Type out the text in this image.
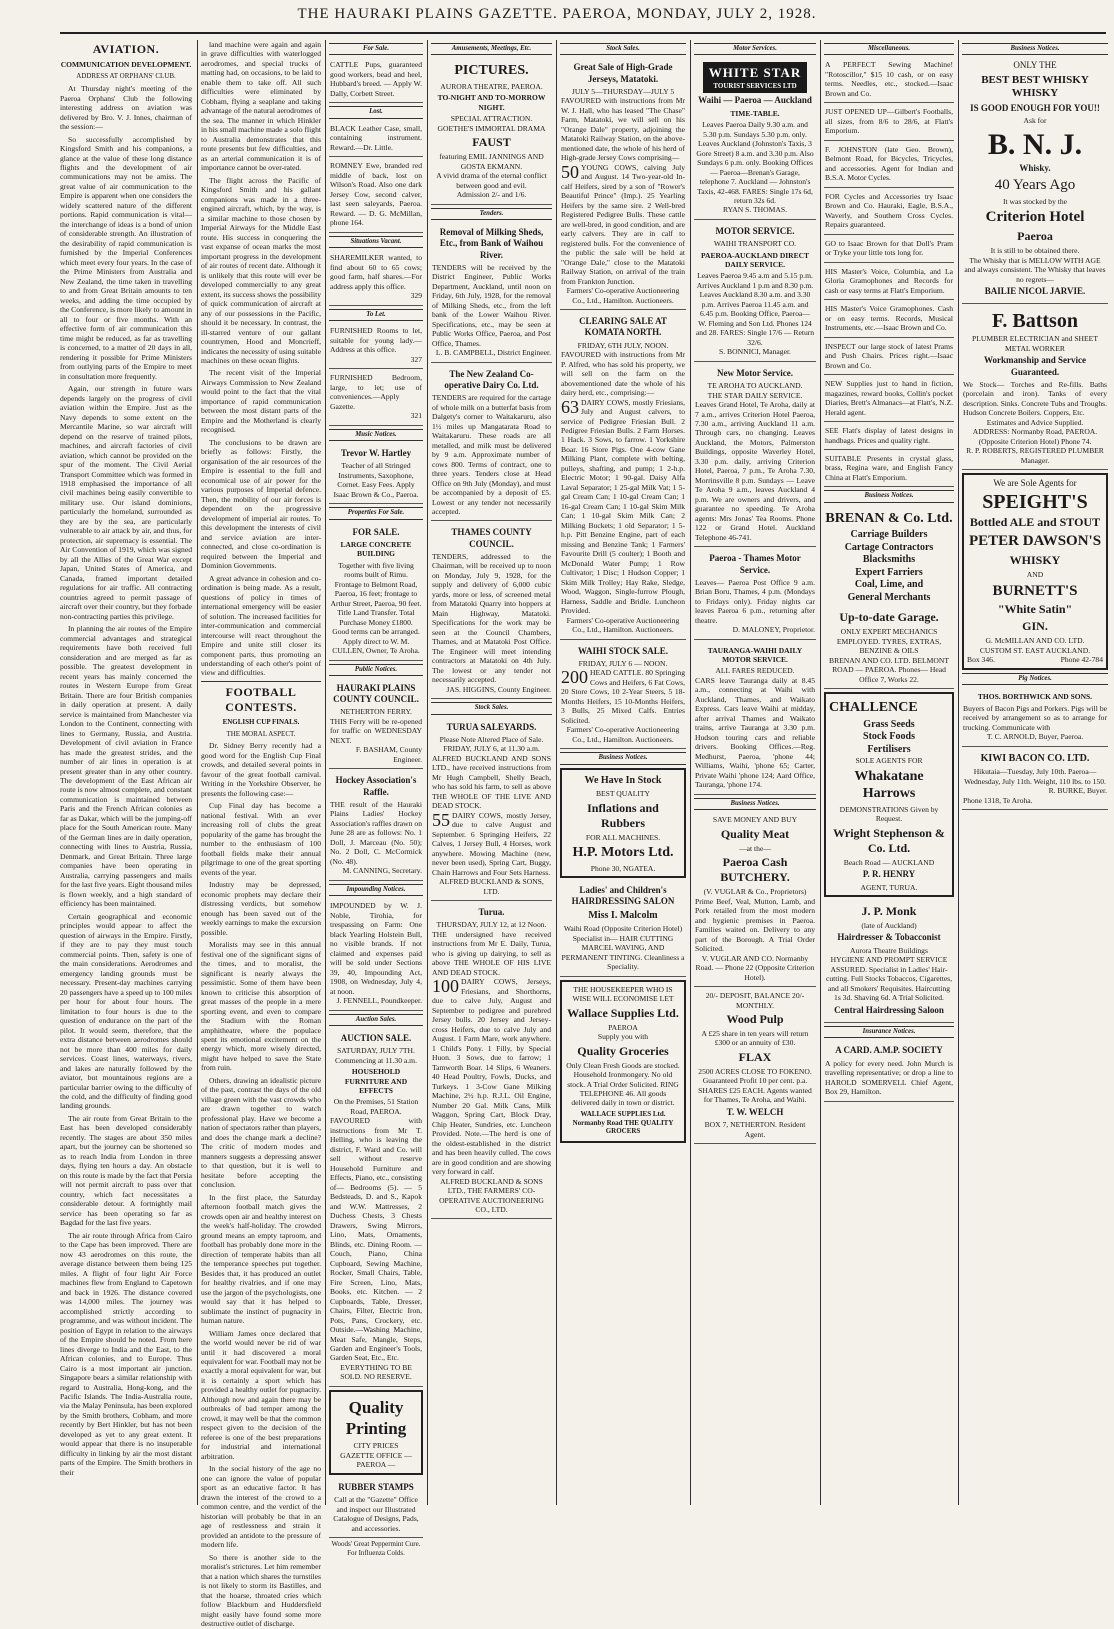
THE HAURAKI PLAINS GAZETTE. PAEROA, MONDAY, JULY 2, 1928.
AVIATION.
COMMUNICATION DEVELOPMENT.
ADDRESS AT ORPHANS' CLUB.

At Thursday night's meeting of the Paeroa Orphans' Club the following interesting address on aviation was delivered by Bro. V. J. Innes, chairman of the session:—

So successfully accomplished by Kingsford Smith and his companions, a glance at the value of these long distance flights and the development of air communications may not be amiss. The great value of air communication to the Empire is apparent when one considers the widely scattered nature of the different portions. Rapid communication is vital—the interchange of ideas is a bond of union of considerable strength. An illustration of the desirability of rapid communication is furnished by the Imperial Conferences which meet every four years. In the case of the Prime Ministers from Australia and New Zealand, the time taken in travelling to and from Great Britain amounts to ten weeks, and adding the time occupied by the Conference, is more likely to amount in all to four or five months. With an effective form of air communication this time might be reduced, as far as travelling is concerned, to a matter of 20 days in all, rendering it possible for Prime Ministers from outlying parts of the Empire to meet in consultation more frequently.

Again, our strength in future wars depends largely on the progress of civil aviation within the Empire. Just as the Navy depends to some extent on the Mercantile Marine, so war aircraft will depend on the reserve of trained pilots, machines, and aircraft factories of civil aviation, which cannot be provided on the spur of the moment. The Civil Aerial Transport Committee which was formed in 1918 emphasised the importance of all civil machines being easily convertible to military use. Our island dominions, particularly the homeland, surrounded as they are by the sea, are particularly vulnerable to air attack by air, and thus, for protection, air supremacy is essential. The Air Convention of 1919, which was signed by all the Allies of the Great War except Japan, United States of America, and Canada, framed important detailed regulations for air traffic. All contracting countries agreed to permit passage of aircraft over their country, but they forbade non-contracting parties this privilege.

In planning the air routes of the Empire commercial advantages and strategical requirements have both received full consideration and are merged as far as possible. The greatest development in recent years has mainly concerned the routes in Western Europe from Great Britain. There are four British companies in daily operation at present. A daily service is maintained from Manchester via London to the Continent, connecting with lines to Germany, Russia, and Austria. Development of civil aviation in France has made the greatest strides, and the number of air lines in operation is at present greater than in any other country. The development of the East African air route is now almost complete, and constant communication is maintained between Paris and the French African colonies as far as Dakar, which will be the jumping-off place for the South American route. Many of the German lines are in daily operation, connecting with lines to Austria, Russia, Denmark, and Great Britain. Three large companies have been operating in Australia, carrying passengers and mails for the last five years. Eight thousand miles is flown weekly, and a high standard of efficiency has been maintained.

Certain geographical and economic principles would appear to affect the question of airways in the Empire. Firstly, if they are to pay they must touch commercial points. Then, safety is one of the main considerations. Aerodromes and emergency landing grounds must be necessary. Present-day machines carrying 20 passengers have a speed up to 100 miles per hour for about four hours. The limitation to four hours is due to the question of endurance on the part of the pilot. It would seem, therefore, that the extra distance between aerodromes should not be more than 400 miles for daily services. Coast lines, waterways, rivers, and lakes are naturally followed by the aviator, but mountainous regions are a particular barrier owing to the difficulty of the cold, and the difficulty of finding good landing grounds.

The air route from Great Britain to the East has been developed considerably recently. The stages are about 350 miles apart, but the journey can be shortened so as to reach India from London in three days, flying ten hours a day. An obstacle on this route is made by the fact that Persia will not permit aircraft to pass over that country, which fact necessitates a considerable detour. A fortnightly mail service has been operating so far as Bagdad for the last five years.

The air route through Africa from Cairo to the Cape has been improved. There are now 43 aerodromes on this route, the average distance between them being 125 miles. A flight of four light Air Force machines flew from England to Capetown and back in 1926. The distance covered was 14,000 miles. The journey was accomplished strictly according to programme, and was without incident. The position of Egypt in relation to the airways of the Empire should be noted. From here lines diverge to India and the East, to the African colonies, and to Europe. Thus Cairo is a most important air junction. Singapore bears a similar relationship with regard to Australia, Hong-kong, and the Pacific Islands. The India-Australia route, via the Malay Peninsula, has been explored by the Smith brothers, Cobham, and more recently by Bert Hinkler, but has not been developed as yet to any great extent. It would appear that there is no insuperable difficulty in linking by air the most distant parts of the Empire. The Smith brothers in their

land machine were again and again in grave difficulties with waterlogged aerodromes, and special trucks of matting had, on occasions, to be laid to enable them to take off. All such difficulties were eliminated by Cobham, flying a seaplane and taking advantage of the natural aerodromes of the sea. The manner in which Hinkler in his small machine made a solo flight to Australia demonstrates that this route presents but few difficulties, and as an arterial communication it is of importance cannot be over-rated.

The flight across the Pacific of Kingsford Smith and his gallant companions was made in a three-engined aircraft, which, by the way, is a similar machine to those chosen by Imperial Airways for the Middle East route. His success in conquering the vast expanse of ocean marks the most important progress in the development of air routes of recent date. Although it is unlikely that this route will ever be developed commercially to any great extent, its success shows the possibility of quick communication of aircraft at any of our possessions in the Pacific, should it be necessary. In contrast, the ill-starred venture of our gallant countrymen, Hood and Moncrieff, indicates the necessity of using suitable machines on these ocean flights.

The recent visit of the Imperial Airways Commission to New Zealand would point to the fact that the vital importance of rapid communication between the most distant parts of the Empire and the Motherland is clearly recognised.

The conclusions to be drawn are briefly as follows: Firstly, the organisation of the air resources of the Empire is essential to the full and economical use of air power for the various purposes of Imperial defence. Then, the mobility of our air forces is dependent on the progressive development of imperial air routes. To this development the interests of civil and service aviation are inter-connected, and close co-ordination is required between the Imperial and Dominion Governments.

A great advance in cohesion and co-ordination is being made. As a result, questions of policy in times of international emergency will be easier of solution. The increased facilities for inter-communication and commercial intercourse will react throughout the Empire and unite still closer its component parts, thus promoting an understanding of each other's point of view and difficulties.

FOOTBALL CONTESTS.
ENGLISH CUP FINALS.
THE MORAL ASPECT.

Dr. Sidney Berry recently had a good word for the English Cup Final crowds, and detailed several points in favour of the great football carnival. Writing in the Yorkshire Observer, he presents the following case:—

Cup Final day has become a national festival. With an ever increasing roll of clubs the great popularity of the game has brought the number to the enthusiasm of 100 football fields make their annual pilgrimage to one of the great sporting events of the year.

Industry may be depressed, economic prophets may declare their distressing verdicts, but somehow enough has been saved out of the weekly earnings to make the excursion possible.

Moralists may see in this annual festival one of the significant signs of the times, and to moralist, the significant is nearly always the pessimistic. Some of them have been known to criticise this absorption of great masses of the people in a mere sporting event, and even to compare the Stadium with the Roman amphitheatre, where the populace spent its emotional excitement on the energy which, more wisely directed, might have helped to save the State from ruin.

Others, drawing an idealistic picture of the past, contrast the days of the old village green with the vast crowds who are drawn together to watch professional play. Have we become a nation of spectators rather than players, and does the change mark a decline? The critic of modern modes and manners suggests a depressing answer to that question, but it is well to hesitate before accepting the conclusion.

In the first place, the Saturday afternoon football match gives the crowds open air and healthy interest on the week's half-holiday. The crowded ground means an empty taproom, and football has probably done more in the direction of temperate habits than all the temperance speeches put together. Besides that, it has produced an outlet for healthy rivalries, and if one may use the jargon of the psychologists, one would say that it has helped to sublimate the instinct of pugnacity in human nature.

William James once declared that the world would never be rid of war until it had discovered a moral equivalent for war. Football may not be exactly a moral equivalent for war, but it is certainly a sport which has provided a healthy outlet for pugnacity. Although now and again there may be outbreaks of bad temper among the crowd, it may well be that the common respect given to the decision of the referee is one of the best preparations for industrial and international arbitration.

In the social history of the age no one can ignore the value of popular sport as an educative factor. It has drawn the interest of the crowd to a common centre, and the verdict of the historian will probably be that in an age of restlessness and strain it provided an antidote to the pressure of modern life.

So there is another side to the moralist's strictures. Let him remember that a nation which shares the turnstiles is not likely to storm its Bastilles, and that the hoarse, throated cries which follow Blackburn and Huddersfield might easily have found some more destructive outlet of discharge.

For Sale.
CATTLE Pups, guaranteed good workers, bead and heel, Hubbard's breed. — Apply W. Dally, Corbett Street.
Lost.
BLACK Leather Case, small, containing instrument. Reward.—Dr. Little.
ROMNEY Ewe, branded red middle of back, lost on Wilson's Road. Also one dark Jersey Cow, second calver, last seen saleyards, Paeroa. Reward. — D. G. McMillan, phone 164.
Situations Vacant.
SHAREMILKER wanted, to find about 60 to 65 cows; good farm, half shares.—For address apply this office.
329
To Let.
FURNISHED Rooms to let, suitable for young lady.—Address at this office.
327
FURNISHED Bedroom, large, to let; use of conveniences.—Apply Gazette.
321
Music Notices.
Trevor W. Hartley
Teacher of all Stringed Instruments, Saxophone, Cornet. Easy Fees. Apply Isaac Brown & Co., Paeroa.
Properties For Sale.
FOR SALE.
LARGE CONCRETE BUILDING
Together with five living rooms built of Rimu. Frontage to Belmont Road, Paeroa, 16 feet; frontage to Arthur Street, Paeroa, 90 feet. Title Land Transfer. Total Purchase Money £1800. Good terms can be arranged. Apply direct to W. M. CULLEN, Owner, Te Aroha.
Public Notices.
HAURAKI PLAINS COUNTY COUNCIL.
NETHERTON FERRY.
THIS Ferry will be re-opened for traffic on WEDNESDAY NEXT.
F. BASHAM, County Engineer.
Hockey Association's Raffle.
THE result of the Hauraki Plains Ladies' Hockey Association's raffles drawn on June 28 are as follows: No. 1 Doll, J. Marceau (No. 50); No. 2 Doll, C. McCormick (No. 48).
M. CANNING, Secretary.
Impounding Notices.
IMPOUNDED by W. J. Noble, Tirohia, for trespassing on Farm: One black Yearling Holstein Bull, no visible brands. If not claimed and expenses paid will be sold under Sections 39, 40, Impounding Act, 1908, on Wednesday, July 4, at noon.
J. FENNELL, Poundkeeper.
Auction Sales.
AUCTION SALE.
SATURDAY, JULY 7TH. Commencing at 11.30 a.m.
HOUSEHOLD FURNITURE AND EFFECTS
On the Premises, 51 Station Road, PAEROA.
FAVOURED with instructions from Mr T. Helling, who is leaving the district, F. Ward and Co. will sell without reserve Household Furniture and Effects, Piano, etc., consisting of— Bedrooms (5). — 5 Bedsteads, D. and S., Kapok and W.W. Mattresses, 2 Duchess Chests, 3 Chests Drawers, Swing Mirrors, Lino, Mats, Ornaments, Blinds, etc. Dining Room. — Couch, Piano, China Cupboard, Sewing Machine, Rocker, Small Chairs, Table, Fire Screen, Lino, Mats, Books, etc. Kitchen. — 2 Cupboards, Table, Dresser, Chairs, Filter, Electric Iron, Pots, Pans, Crockery, etc. Outside.—Washing Machine, Meat Safe, Mangle, Steps, Garden and Engineer's Tools, Garden Seat, Etc., Etc.
EVERYTHING TO BE SOLD. NO RESERVE.
Quality Printing
CITY PRICES
GAZETTE OFFICE — PAEROA —
RUBBER STAMPS
Call at the "Gazette" Office and inspect our Illustrated Catalogue of Designs, Pads, and accessories.
Woods' Great Peppermint Cure.
For Influenza Colds.
Amusements, Meetings, Etc.
PICTURES.
AURORA THEATRE, PAEROA.
TO-NIGHT AND TO-MORROW NIGHT.
SPECIAL ATTRACTION.
GOETHE'S IMMORTAL DRAMA
FAUST
featuring EMIL JANNINGS AND GOSTA EKMANN.
A vivid drama of the eternal conflict between good and evil.
Admission 2/- and 1/6.
Tenders.
Removal of Milking Sheds, Etc., from Bank of Waihou River.
TENDERS will be received by the District Engineer, Public Works Department, Auckland, until noon on Friday, 6th July, 1928, for the removal of Milking Sheds, etc., from the left bank of the Lower Waihou River. Specifications, etc., may be seen at Public Works Office, Paeroa, and Post Office, Thames.
L. B. CAMPBELL, District Engineer.
The New Zealand Co-operative Dairy Co. Ltd.
TENDERS are required for the cartage of whole milk on a butterfat basis from Dalgety's corner to Waitakaruru, also 1½ miles up Mangatarata Road to Waitakaruru. These roads are all metalled, and milk must be delivered by 9 a.m. Approximate number of cows 800. Terms of contract, one to three years. Tenders close at Head Office on 9th July (Monday), and must be accompanied by a deposit of £5. Lowest or any tender not necessarily accepted.
THAMES COUNTY COUNCIL.
TENDERS, addressed to the Chairman, will be received up to noon on Monday, July 9, 1928, for the supply and delivery of 6,000 cubic yards, more or less, of screened metal from Matatoki Quarry into hoppers at Main Highway, Matatoki. Specifications for the work may be seen at the Council Chambers, Thames, and at Matatoki Post Office. The Engineer will meet intending contractors at Matatoki on 4th July. The lowest or any tender not necessarily accepted.
JAS. HIGGINS, County Engineer.
Stock Sales.
TURUA SALEYARDS.
Please Note Altered Place of Sale.
FRIDAY, JULY 6, at 11.30 a.m.
ALFRED BUCKLAND AND SONS LTD., have received instructions from Mr Hugh Campbell, Shelly Beach, who has sold his farm, to sell as above THE WHOLE OF THE LIVE AND DEAD STOCK.
55 DAIRY COWS, mostly Jersey, due to calve August and September. 6 Springing Heifers, 22 Calves, 1 Jersey Bull, 4 Horses, work anywhere. Mowing Machine (new, never been used), Spring Cart, Buggy, Chain Harrows and Four Sets Harness.
ALFRED BUCKLAND & SONS, LTD.
Turua.
THURSDAY, JULY 12, at 12 Noon.
THE undersigned have received instructions from Mr E. Daily, Turua, who is giving up dairying, to sell as above THE WHOLE OF HIS LIVE AND DEAD STOCK.
100 DAIRY COWS, Jerseys, Friesians, and Shorthorns, due to calve July, August and September to pedigree and purebred Jersey bulls. 20 Jersey and Jersey-cross Heifers, due to calve July and August. 1 Farm Mare, work anywhere. 1 Child's Pony. 1 Filly, by Special Huon. 3 Sows, due to farrow; 1 Tamworth Boar. 14 Slips, 6 Weaners. 40 Head Poultry, Fowls, Ducks, and Turkeys. 1 3-Cow Gane Milking Machine, 2½ h.p. R.J.L. Oil Engine, Number 20 Gal. Milk Cans, Milk Waggon, Spring Cart, Block Dray, Chip Heater, Sundries, etc. Luncheon Provided. Note.—The herd is one of the oldest-established in the district and has been heavily culled. The cows are in good condition and are showing very forward in calf.
ALFRED BUCKLAND & SONS LTD., THE FARMERS' CO-OPERATIVE AUCTIONEERING CO., LTD.
Stock Sales.
Great Sale of High-Grade Jerseys, Matatoki.
JULY 5—THURSDAY—JULY 5
FAVOURED with instructions from Mr W. J. Hall, who has leased "The Chase" Farm, Matatoki, we will sell on his "Orange Dale" property, adjoining the Matatoki Railway Station, on the above-mentioned date, the whole of his herd of High-grade Jersey Cows comprising—
50 YOUNG COWS, calving July and August. 14 Two-year-old In-calf Heifers, sired by a son of "Rower's Beautiful Prince" (Imp.). 25 Yearling Heifers by the same sire. 2 Well-bred Registered Pedigree Bulls. These cattle are well-bred, in good condition, and are early calvers. They are in calf to registered bulls. For the convenience of the public the sale will be held at "Orange Dale," close to the Matatoki Railway Station, on arrival of the train from Frankton Junction.
Farmers' Co-operative Auctioneering Co., Ltd., Hamilton. Auctioneers.
CLEARING SALE AT KOMATA NORTH.
FRIDAY, 6TH JULY, NOON.
FAVOURED with instructions from Mr P. Alfred, who has sold his property, we will sell on the farm on the abovementioned date the whole of his dairy herd, etc., comprising:—
63 DAIRY COWS, mostly Friesians, July and August calvers, to service of Pedigree Friesian Bull. 2 Pedigree Friesian Bulls. 2 Farm Horses. 1 Hack. 3 Sows, to farrow. 1 Yorkshire Boar. 16 Store Pigs. One 4-cow Gane Milking Plant, complete with belting, pulleys, shafting, and pump; 1 2-h.p. Electric Motor; 1 90-gal. Daisy Alfa Laval Separator; 1 25-gal Milk Vat; 1 5-gal Cream Can; 1 10-gal Cream Can; 1 16-gal Cream Can; 1 10-gal Skim Milk Can; 1 10-gal Skim Milk Can; 2 Milking Buckets; 1 old Separator; 1 5-h.p. Pitt Benzine Engine, part of each missing and Benzine Tank; 1 Farmers' Favourite Drill (5 coulter); 1 Booth and McDonald Water Pump; 1 Row Cultivator; 1 Disc; 1 Hudson Copper; 1 Skim Milk Trolley; Hay Rake, Sledge, Wood, Waggon, Single-furrow Plough, Harness, Saddle and Bridle. Luncheon Provided.
Farmers' Co-operative Auctioneering Co., Ltd., Hamilton. Auctioneers.
WAIHI STOCK SALE.
FRIDAY, JULY 6 — NOON.
200 HEAD CATTLE. 80 Springing Cows and Heifers, 6 Fat Cows, 20 Store Cows, 10 2-Year Steers, 5 18-Months Heifers, 15 10-Months Heifers, 3 Bulls, 25 Mixed Calfs. Entries Solicited.
Farmers' Co-operative Auctioneering Co., Ltd., Hamilton. Auctioneers.
Business Notices.
We Have In Stock
BEST QUALITY
Inflations and Rubbers
FOR ALL MACHINES.
H.P. Motors Ltd.
Phone 30, NGATEA.
Ladies' and Children's HAIRDRESSING SALON
Miss I. Malcolm
Waihi Road (Opposite Criterion Hotel)
Specialist in— HAIR CUTTING MARCEL WAVING, AND PERMANENT TINTING. Cleanliness a Speciality.
THE HOUSEKEEPER WHO IS WISE WILL ECONOMISE LET
Wallace Supplies Ltd.
PAEROA
Supply you with
Quality Groceries
Only Clean Fresh Goods are stocked. Household Ironmongery. No old stock. A Trial Order Solicited. RING TELEPHONE 46. All goods delivered daily in town or district.
WALLACE SUPPLIES Ltd. Normanby Road THE QUALITY GROCERS
Motor Services.
WHITE STAR
TOURIST SERVICES LTD
Waihi — Paeroa — Auckland
TIME-TABLE.
Leaves Paeroa Daily 9.30 a.m. and 5.30 p.m. Sundays 5.30 p.m. only. Leaves Auckland (Johnston's Taxis, 3 Gore Street) 8 a.m. and 3.30 p.m. Also Sundays 6 p.m. only. Booking Offices— Paeroa—Brenan's Garage, telephone 7. Auckland — Johnston's Taxis, 42-468. FARES: Single 17s 6d, return 32s 6d.
RYAN S. THOMAS.
MOTOR SERVICE.
WAIHI TRANSPORT CO.
PAEROA-AUCKLAND DIRECT DAILY SERVICE.
Leaves Paeroa 9.45 a.m and 5.15 p.m. Arrives Auckland 1 p.m and 8.30 p.m. Leaves Auckland 8.30 a.m. and 3.30 p.m. Arrives Paeroa 11.45 a.m. and 6.45 p.m. Booking Office, Paeroa— W. Fleming and Son Ltd. Phones 124 and 28. FARES: Single 17/6 — Return 32/6.
S. BONNICI, Manager.
New Motor Service.
TE AROHA TO AUCKLAND.
THE STAR DAILY SERVICE.
Leaves Grand Hotel, Te Aroha, daily at 7 a.m., arrives Criterion Hotel Paeroa, 7.30 a.m., arriving Auckland 11 a.m. Through cars, no changing. Leaves Auckland, the Motors, Palmerston Buildings, opposite Waverley Hotel, 3.30 p.m. daily, arriving Criterion Hotel, Paeroa, 7 p.m., Te Aroha 7.30, Morrinsville 8 p.m. Sundays — Leave Te Aroha 9 a.m., leaves Auckland 4 p.m. We are owners and drivers, and guarantee no speeding. Te Aroha agents: Mrs Jonas' Tea Rooms. Phone 122 or Grand Hotel. Auckland Telephone 46-741.
Paeroa - Thames Motor Service.
Leaves— Paeroa Post Office 9 a.m. Brian Boru, Thames, 4 p.m. (Mondays to Fridays only). Friday nights car leaves Paeroa 6 p.m., returning after theatre.
D. MALONEY, Proprietor.
TAURANGA-WAIHI DAILY MOTOR SERVICE.
ALL FARES REDUCED.
CARS leave Tauranga daily at 8.45 a.m., connecting at Waihi with Auckland, Thames, and Waikato Express. Cars leave Waihi at midday, after arrival Thames and Waikato trains, arrive Tauranga at 3.30 p.m. Hudson touring cars and reliable drivers. Booking Offices.—Reg. Medhurst, Paeroa, 'phone 44; Williams, Waihi, 'phone 65; Carter, Private Waihi 'phone 124; Aard Office, Tauranga, 'phone 174.
Business Notices.
SAVE MONEY AND BUY
Quality Meat
—at the—
Paeroa Cash BUTCHERY.
(V. VUGLAR & Co., Proprietors)
Prime Beef, Veal, Mutton, Lamb, and Pork retailed from the most modern and hygienic premises in Paeroa. Families waited on. Delivery to any part of the Borough. A Trial Order Solicited.
V. VUGLAR AND CO. Normanby Road. — Phone 22 (Opposite Criterion Hotel).
20/- DEPOSIT, BALANCE 20/- MONTHLY.
Wood Pulp
A £25 share in ten years will return £300 or an annuity of £30.
FLAX
2500 ACRES CLOSE TO FOKENO.
Guaranteed Profit 10 per cent. p.a. SHARES £25 EACH. Agents wanted for Thames, Te Aroha, and Waihi.
T. W. WELCH
BOX 7, NETHERTON. Resident Agent.
Miscellaneous.
A PERFECT Sewing Machine! "Rotoscillor," $15 10 cash, or on easy terms. Needles, etc., stocked.—Isaac Brown and Co.
JUST OPENED UP—Gilbert's Footballs, all sizes, from 8/6 to 28/6, at Flatt's Emporium.
F. JOHNSTON (late Geo. Brown), Belmont Road, for Bicycles, Tricycles, and accessories. Agent for Indian and B.S.A. Motor Cycles.
FOR Cycles and Accessories try Isaac Brown and Co. Hauraki, Eagle, B.S.A., Waverly, and Southern Cross Cycles. Repairs guaranteed.
GO to Isaac Brown for that Doll's Pram or Tryke your little tots long for.
HIS Master's Voice, Columbia, and La Gloria Gramophones and Records for cash or easy terms at Flatt's Emporium.
HIS Master's Voice Gramophones. Cash or on easy terms. Records, Musical Instruments, etc.—Isaac Brown and Co.
INSPECT our large stock of latest Prams and Push Chairs. Prices right.—Isaac Brown and Co.
NEW Supplies just to hand in fiction, magazines, reward books, Collin's pocket Diaries, Brett's Almanacs—at Flatt's, N.Z. Herald agent.
SEE Flatt's display of latest designs in handbags. Prices and quality right.
SUITABLE Presents in crystal glass, brass, Regina ware, and English Fancy China at Flatt's Emporium.
Business Notices.
BRENAN & Co. Ltd.
Carriage Builders
Cartage Contractors
Blacksmiths
Expert Farriers
Coal, Lime, and
General Merchants
Up-to-date Garage.
ONLY EXPERT MECHANICS EMPLOYED. TYRES, EXTRAS, BENZINE & OILS
BRENAN AND CO. LTD. BELMONT ROAD — PAEROA. Phones— Head Office 7, Works 22.
CHALLENCE
Grass Seeds
Stock Foods
Fertilisers
SOLE AGENTS FOR
Whakatane Harrows
DEMONSTRATIONS Given by Request.
Wright Stephenson & Co. Ltd.
Beach Road — AUCKLAND
P. R. HENRY
AGENT, TURUA.
J. P. Monk
(late of Auckland)
Hairdresser & Tobacconist
Aurora Theatre Buildings
HYGIENE AND PROMPT SERVICE ASSURED. Specialist in Ladies' Hair-cutting. Full Stocks Tobaccos, Cigarettes, and all Smokers' Requisites. Haircutting 1s 3d. Shaving 6d. A Trial Solicited.
Central Hairdressing Saloon
Insurance Notices.
A CARD. A.M.P. SOCIETY
A policy for every need. John Murch is travelling representative; or drop a line to HAROLD SOMERVELL Chief Agent, Box 29, Hamilton.
Business Notices.
ONLY THE
BEST BEST WHISKY WHISKY
IS GOOD ENOUGH FOR YOU!!
Ask for
B. N. J.
Whisky.
40 Years Ago
It was stocked by the
Criterion Hotel
Paeroa
It is still to be obtained there.
The Whisky that is MELLOW WITH AGE and always consistent. The Whisky that leaves no regrets—
BAILIE NICOL JARVIE.
F. Battson
PLUMBER ELECTRICIAN and SHEET METAL WORKER
Workmanship and Service Guaranteed.
We Stock— Torches and Re-fills. Baths (porcelain and iron). Tanks of every description. Sinks. Concrete Tubs and Troughs. Hudson Concrete Boilers. Coppers, Etc.
Estimates and Advice Supplied.
ADDRESS: Normanby Road, PAEROA. (Opposite Criterion Hotel) Phone 74.
R. P. ROBERTS, REGISTERED PLUMBER Manager.
We are Sole Agents for
SPEIGHT'S
Bottled ALE and STOUT
PETER DAWSON'S
WHISKY
AND
BURNETT'S
"White Satin"
GIN.
G. McMILLAN AND CO. LTD.
CUSTOM ST. EAST AUCKLAND.
Box 346.	Phone 42-784
Pig Notices.
THOS. BORTHWICK AND SONS.
Buyers of Bacon Pigs and Porkers. Pigs will be received by arrangement so as to arrange for trucking. Communicate with
T. C. ARNOLD, Buyer, Paeroa.
KIWI BACON CO. LTD.
Hikutaia—Tuesday, July 10th. Paeroa—Wednesday, July 11th. Weight, 110 lbs. to 150.
R. BURKE, Buyer.
Phone 1318, Te Aroha.
